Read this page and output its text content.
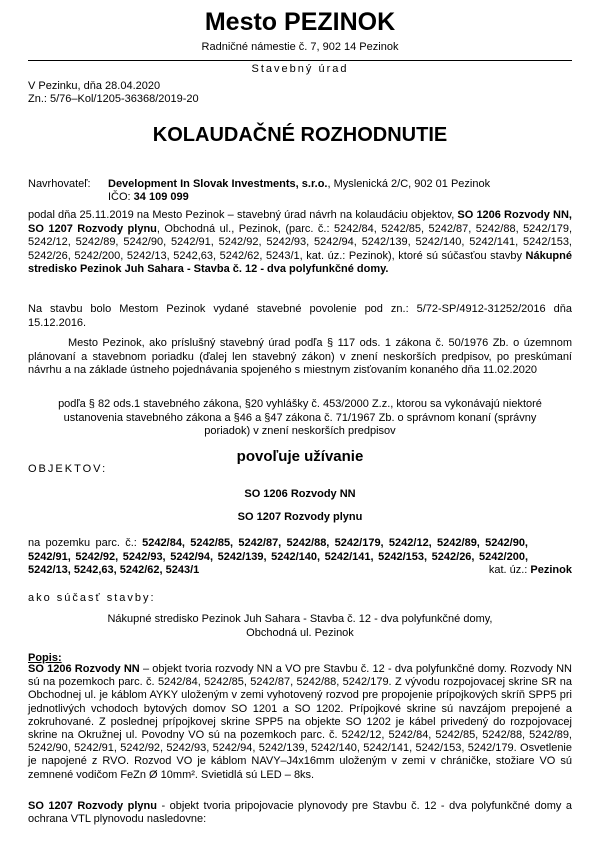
Mesto PEZINOK
Radničné námestie č. 7, 902 14 Pezinok
Stavebný úrad
V Pezinku, dňa 28.04.2020
Zn.: 5/76–Kol/1205-36368/2019-20
KOLAUDAČNÉ ROZHODNUTIE
Navrhovateľ: Development In Slovak Investments, s.r.o., Myslenická 2/C, 902 01 Pezinok
IČO: 34 109 099
podal dňa 25.11.2019 na Mesto Pezinok – stavebný úrad návrh na kolaudáciu objektov, SO 1206 Rozvody NN, SO 1207 Rozvody plynu, Obchodná ul., Pezinok, (parc. č.: 5242/84, 5242/85, 5242/87, 5242/88, 5242/179, 5242/12, 5242/89, 5242/90, 5242/91, 5242/92, 5242/93, 5242/94, 5242/139, 5242/140, 5242/141, 5242/153, 5242/26, 5242/200, 5242/13, 5242,63, 5242/62, 5243/1, kat. úz.: Pezinok), ktoré sú súčasťou stavby Nákupné stredisko Pezinok Juh Sahara - Stavba č. 12 - dva polyfunkčné domy.
Na stavbu bolo Mestom Pezinok vydané stavebné povolenie pod zn.: 5/72-SP/4912-31252/2016 dňa 15.12.2016.
Mesto Pezinok, ako príslušný stavebný úrad podľa § 117 ods. 1 zákona č. 50/1976 Zb. o územnom plánovaní a stavebnom poriadku (ďalej len stavebný zákon) v znení neskorších predpisov, po preskúmaní návrhu a na základe ústneho pojednávania spojeného s miestnym zisťovaním konaného dňa 11.02.2020
podľa § 82 ods.1 stavebného zákona, §20 vyhlášky č. 453/2000 Z.z., ktorou sa vykonávajú niektoré ustanovenia stavebného zákona a §46 a §47 zákona č. 71/1967 Zb. o správnom konaní (správny poriadok) v znení neskorších predpisov
OBJEKTOV:
povoľuje užívanie
SO 1206 Rozvody NN
SO 1207 Rozvody plynu
na pozemku parc. č.: 5242/84, 5242/85, 5242/87, 5242/88, 5242/179, 5242/12, 5242/89, 5242/90, 5242/91, 5242/92, 5242/93, 5242/94, 5242/139, 5242/140, 5242/141, 5242/153, 5242/26, 5242/200, 5242/13, 5242,63, 5242/62, 5243/1	kat. úz.: Pezinok
ako súčasť stavby:
Nákupné stredisko Pezinok Juh Sahara - Stavba č. 12 - dva polyfunkčné domy,
Obchodná ul. Pezinok
Popis:
SO 1206 Rozvody NN – objekt tvoria rozvody NN a VO pre Stavbu č. 12 - dva polyfunkčné domy. Rozvody NN sú na pozemkoch parc. č. 5242/84, 5242/85, 5242/87, 5242/88, 5242/179. Z vývodu rozpojovacej skrine SR na Obchodnej ul. je káblom AYKY uloženým v zemi vyhotovený rozvod pre propojenie prípojkových skríň SPP5 pri jednotlivých vchodoch bytových domov SO 1201 a SO 1202. Prípojkové skrine sú navzájom prepojené a zokruhované. Z poslednej prípojkovej skrine SPP5 na objekte SO 1202 je kábel privedený do rozpojovacej skrine na Okružnej ul. Povodny VO sú na pozemkoch parc. č. 5242/12, 5242/84, 5242/85, 5242/88, 5242/89, 5242/90, 5242/91, 5242/92, 5242/93, 5242/94, 5242/139, 5242/140, 5242/141, 5242/153, 5242/179. Osvetlenie je napojené z RVO. Rozvod VO je káblom NAVY–J4x16mm uloženým v zemi v chráničke, stožiare VO sú zemnené vodičom FeZn Ø 10mm². Svietidlá sú LED – 8ks.
SO 1207 Rozvody plynu - objekt tvoria pripojovacie plynovody pre Stavbu č. 12 - dva polyfunkčné domy a ochrana VTL plynovodu nasledovne:
